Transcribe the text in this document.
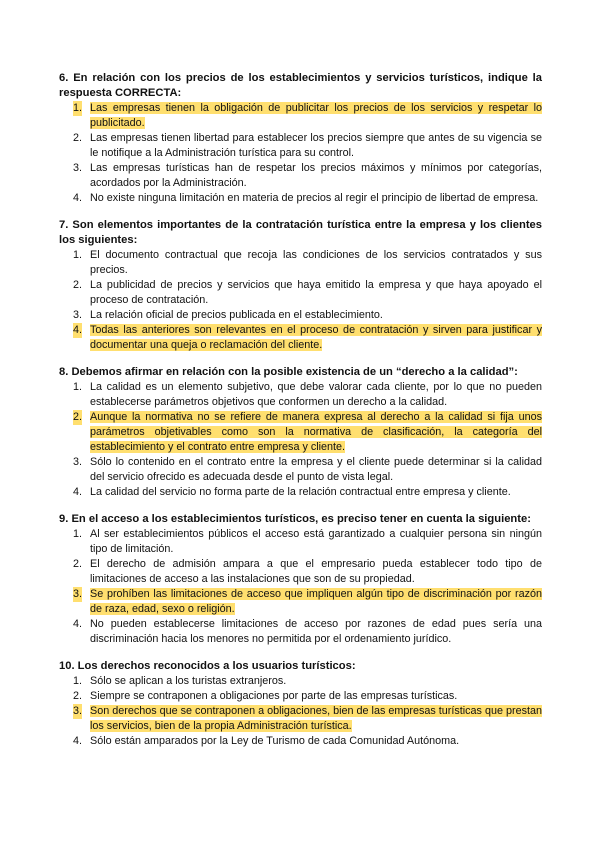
6. En relación con los precios de los establecimientos y servicios turísticos, indique la respuesta CORRECTA:

1. Las empresas tienen la obligación de publicitar los precios de los servicios y respetar lo publicitado.
2. Las empresas tienen libertad para establecer los precios siempre que antes de su vigencia se le notifique a la Administración turística para su control.
3. Las empresas turísticas han de respetar los precios máximos y mínimos por categorías, acordados por la Administración.
4. No existe ninguna limitación en materia de precios al regir el principio de libertad de empresa.

7. Son elementos importantes de la contratación turística entre la empresa y los clientes los siguientes:

1. El documento contractual que recoja las condiciones de los servicios contratados y sus precios.
2. La publicidad de precios y servicios que haya emitido la empresa y que haya apoyado el proceso de contratación.
3. La relación oficial de precios publicada en el establecimiento.
4. Todas las anteriores son relevantes en el proceso de contratación y sirven para justificar y documentar una queja o reclamación del cliente.

8. Debemos afirmar en relación con la posible existencia de un “derecho a la calidad”:

1. La calidad es un elemento subjetivo, que debe valorar cada cliente, por lo que no pueden establecerse parámetros objetivos que conformen un derecho a la calidad.
2. Aunque la normativa no se refiere de manera expresa al derecho a la calidad si fija unos parámetros objetivables como son la normativa de clasificación, la categoría del establecimiento y el contrato entre empresa y cliente.
3. Sólo lo contenido en el contrato entre la empresa y el cliente puede determinar si la calidad del servicio ofrecido es adecuada desde el punto de vista legal.
4. La calidad del servicio no forma parte de la relación contractual entre empresa y cliente.

9. En el acceso a los establecimientos turísticos, es preciso tener en cuenta la siguiente:

1. Al ser establecimientos públicos el acceso está garantizado a cualquier persona sin ningún tipo de limitación.
2. El derecho de admisión ampara a que el empresario pueda establecer todo tipo de limitaciones de acceso a las instalaciones que son de su propiedad.
3. Se prohíben las limitaciones de acceso que impliquen algún tipo de discriminación por razón de raza, edad, sexo o religión.
4. No pueden establecerse limitaciones de acceso por razones de edad pues sería una discriminación hacia los menores no permitida por el ordenamiento jurídico.

10. Los derechos reconocidos a los usuarios turísticos:

1. Sólo se aplican a los turistas extranjeros.
2. Siempre se contraponen a obligaciones por parte de las empresas turísticas.
3. Son derechos que se contraponen a obligaciones, bien de las empresas turísticas que prestan los servicios, bien de la propia Administración turística.
4. Sólo están amparados por la Ley de Turismo de cada Comunidad Autónoma.
